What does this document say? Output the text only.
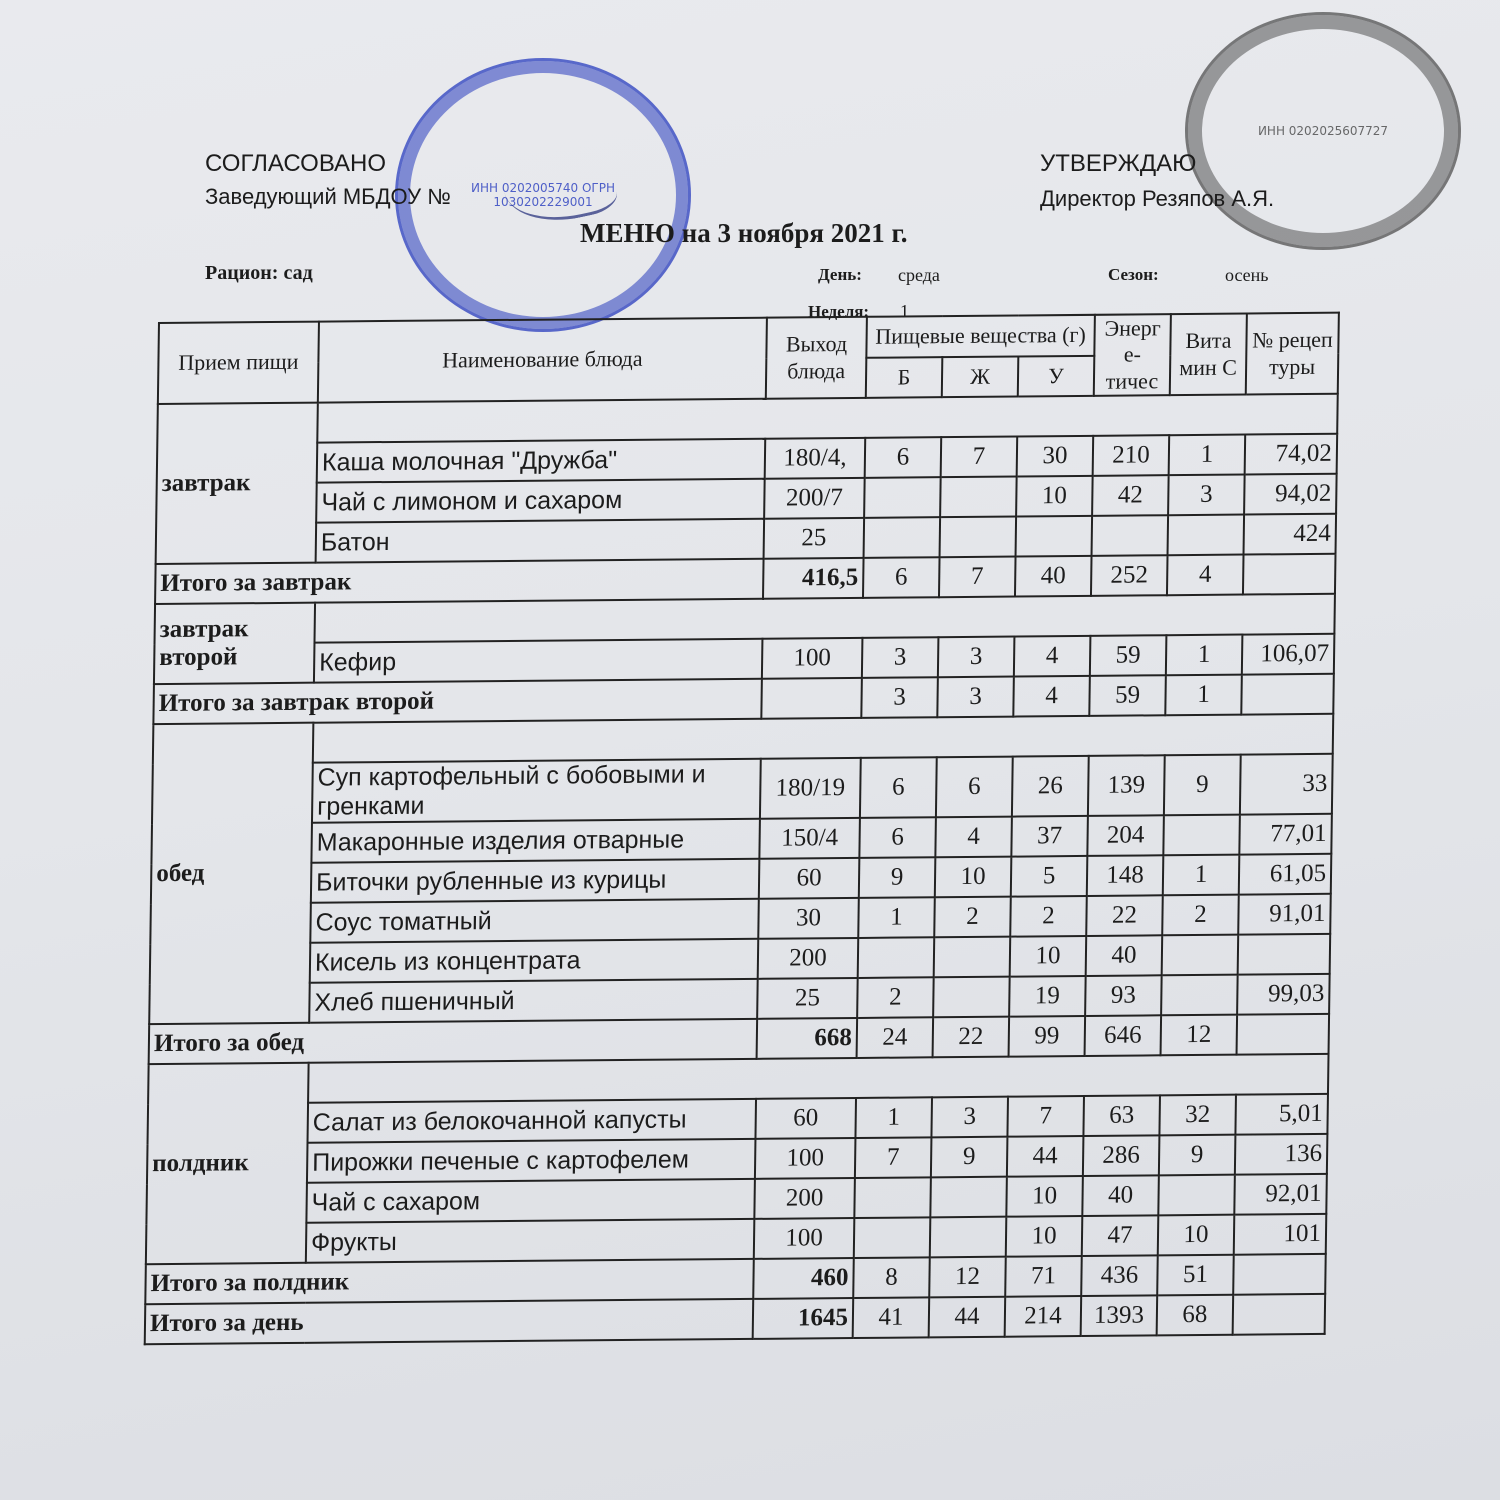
ИНН 0202005740 ОГРН 1030202229001
ИНН 0202025607727
СОГЛАСОВАНО
Заведующий МБДОУ №
УТВЕРЖДАЮ
Директор Резяпов А.Я.
МЕНЮ на 3 ноября 2021 г.
Рацион: сад	День: среда	Сезон:	осень
Неделя: 1
Прием пищи	Наименование блюда	Выход блюда	Пищевые вещества (г)			Энерг е- тичес	Вита мин С	№ рецеп туры
			Б	Ж	У			
завтрак								
	Каша молочная "Дружба"	180/4,	6	7	30	210	1	74,02
	Чай с лимоном и сахаром	200/7			10	42	3	94,02
	Батон	25						424
Итого за завтрак		416,5	6	7	40	252	4	
завтрак второй								
	Кефир	100	3	3	4	59	1	106,07
Итого за завтрак второй			3	3	4	59	1	
обед								
	Суп картофельный с бобовыми и гренками	180/19	6	6	26	139	9	33
	Макаронные изделия отварные	150/4	6	4	37	204		77,01
	Биточки рубленные из курицы	60	9	10	5	148	1	61,05
	Соус томатный	30	1	2	2	22	2	91,01
	Кисель из концентрата	200			10	40		
	Хлеб пшеничный	25	2		19	93		99,03
Итого за обед		668	24	22	99	646	12	
полдник								
	Салат из белокочанной капусты	60	1	3	7	63	32	5,01
	Пирожки печеные с картофелем	100	7	9	44	286	9	136
	Чай с сахаром	200			10	40		92,01
	Фрукты	100			10	47	10	101
Итого за полдник		460	8	12	71	436	51	
Итого за день		1645	41	44	214	1393	68	
